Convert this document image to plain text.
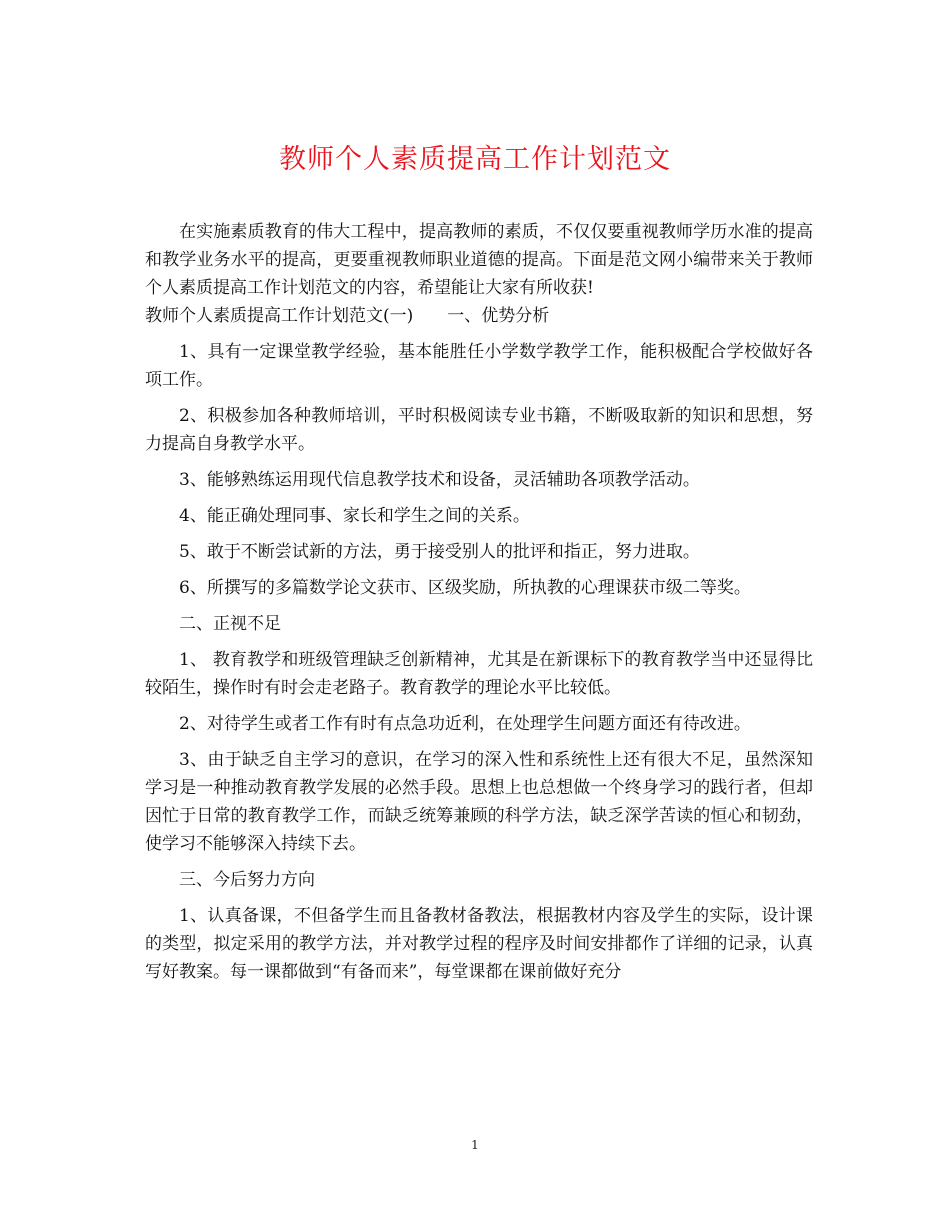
教师个人素质提高工作计划范文

在实施素质教育的伟大工程中，提高教师的素质，不仅仅要重视教师学历水准的提高和教学业务水平的提高，更要重视教师职业道德的提高。下面是范文网小编带来关于教师个人素质提高工作计划范文的内容，希望能让大家有所收获!

教师个人素质提高工作计划范文(一)　　一、优势分析

1、具有一定课堂教学经验，基本能胜任小学数学教学工作，能积极配合学校做好各项工作。

2、积极参加各种教师培训，平时积极阅读专业书籍，不断吸取新的知识和思想，努力提高自身教学水平。

3、能够熟练运用现代信息教学技术和设备，灵活辅助各项教学活动。

4、能正确处理同事、家长和学生之间的关系。

5、敢于不断尝试新的方法，勇于接受别人的批评和指正，努力进取。

6、所撰写的多篇数学论文获市、区级奖励，所执教的心理课获市级二等奖。

二、正视不足

1、 教育教学和班级管理缺乏创新精神，尤其是在新课标下的教育教学当中还显得比较陌生，操作时有时会走老路子。教育教学的理论水平比较低。

2、对待学生或者工作有时有点急功近利，在处理学生问题方面还有待改进。

3、由于缺乏自主学习的意识，在学习的深入性和系统性上还有很大不足，虽然深知学习是一种推动教育教学发展的必然手段。思想上也总想做一个终身学习的践行者，但却因忙于日常的教育教学工作，而缺乏统筹兼顾的科学方法，缺乏深学苦读的恒心和韧劲，使学习不能够深入持续下去。

三、今后努力方向

1、认真备课，不但备学生而且备教材备教法，根据教材内容及学生的实际，设计课的类型，拟定采用的教学方法，并对教学过程的程序及时间安排都作了详细的记录，认真写好教案。每一课都做到“有备而来”，每堂课都在课前做好充分

1
